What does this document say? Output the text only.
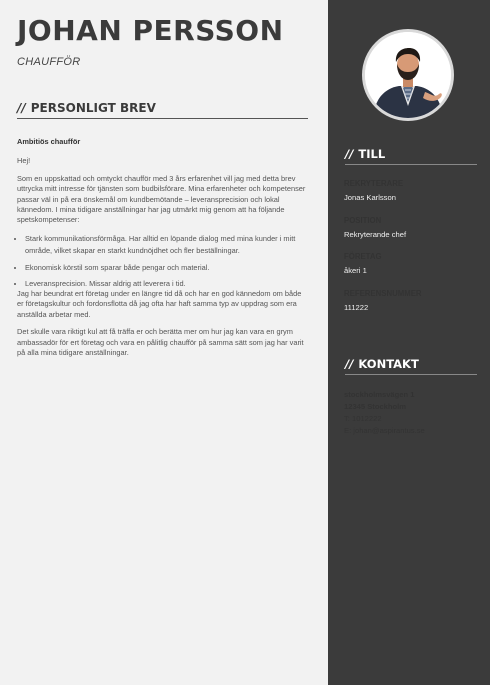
JOHAN PERSSON
CHAUFFÖR
// PERSONLIGT BREV

Ambitiös chaufför

Hej!

Som en uppskattad och omtyckt chaufför med 3 års erfarenhet vill jag med detta brev uttrycka mitt intresse för tjänsten som budbilsförare. Mina erfarenheter och kompetenser passar väl in på era önskemål om kundbemötande – leveransprecision och lokal kännedom. I mina tidigare anställningar har jag utmärkt mig genom att ha följande spetskompetenser:

• Stark kommunikationsförmåga. Har alltid en löpande dialog med mina kunder i mitt område, vilket skapar en starkt kundnöjdhet och fler beställningar.
• Ekonomisk körstil som sparar både pengar och material.
• Leveransprecision. Missar aldrig att leverera i tid.

Jag har beundrat ert företag under en längre tid då och har en god kännedom om både er företagskultur och fordonsflotta då jag ofta har haft samma typ av uppdrag som era anställda arbetar med.

Det skulle vara riktigt kul att få träffa er och berätta mer om hur jag kan vara en grym ambassadör för ert företag och vara en pålitlig chaufför på samma sätt som jag har varit på alla mina tidigare anställningar.

// TILL
REKRYTERARE
Jonas Karlsson
POSITION
Rekryterande chef
FÖRETAG
åkeri 1
REFERENSNUMMER
111222
// KONTAKT
stockholmsvägen 1
12345 Stockholm
T: 1012222
E: johan@aspirantus.se
